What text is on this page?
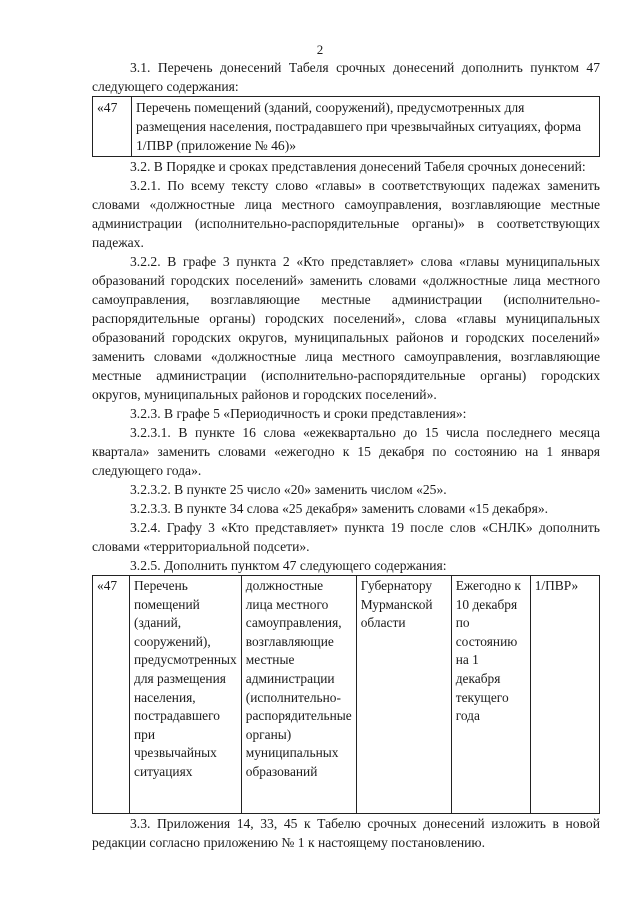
2

3.1. Перечень донесений Табеля срочных донесений дополнить пунктом 47 следующего содержания:

«47	Перечень помещений (зданий, сооружений), предусмотренных для размещения населения, пострадавшего при чрезвычайных ситуациях, форма 1/ПВР (приложение № 46)»

3.2. В Порядке и сроках представления донесений Табеля срочных донесений:

3.2.1. По всему тексту слово «главы» в соответствующих падежах заменить словами «должностные лица местного самоуправления, возглавляющие местные администрации (исполнительно-распорядительные органы)» в соответствующих падежах.

3.2.2. В графе 3 пункта 2 «Кто представляет» слова «главы муниципальных образований городских поселений» заменить словами «должностные лица местного самоуправления, возглавляющие местные администрации (исполнительно-распорядительные органы) городских поселений», слова «главы муниципальных образований городских округов, муниципальных районов и городских поселений» заменить словами «должностные лица местного самоуправления, возглавляющие местные администрации (исполнительно-распорядительные органы) городских округов, муниципальных районов и городских поселений».

3.2.3. В графе 5 «Периодичность и сроки представления»:

3.2.3.1. В пункте 16 слова «ежеквартально до 15 числа последнего месяца квартала» заменить словами «ежегодно к 15 декабря по состоянию на 1 января следующего года».

3.2.3.2. В пункте 25 число «20» заменить числом «25».

3.2.3.3. В пункте 34 слова «25 декабря» заменить словами «15 декабря».

3.2.4. Графу 3 «Кто представляет» пункта 19 после слов «СНЛК» дополнить словами «территориальной подсети».

3.2.5. Дополнить пунктом 47 следующего содержания:

«47	Перечень помещений (зданий, сооружений), предусмотренных для размещения населения, пострадавшего при чрезвычайных ситуациях	должностные лица местного самоуправления, возглавляющие местные администрации (исполнительно-распорядительные органы) муниципальных образований	Губернатору Мурманской области	Ежегодно к 10 декабря по состоянию на 1 декабря текущего года	1/ПВР»

3.3. Приложения 14, 33, 45 к Табелю срочных донесений изложить в новой редакции согласно приложению № 1 к настоящему постановлению.
